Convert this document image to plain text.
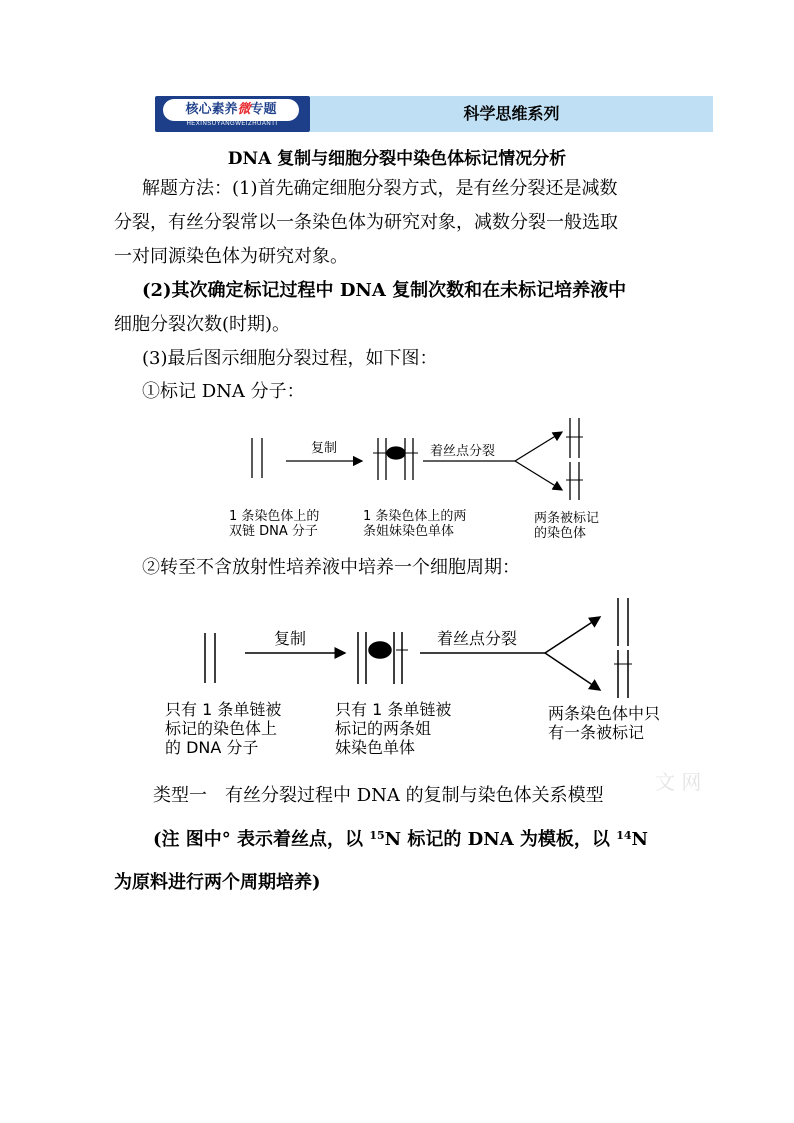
核心素养微专题
HEXINSUYANGWEIZHUANTI
科学思维系列
DNA 复制与细胞分裂中染色体标记情况分析
解题方法：(1)首先确定细胞分裂方式，是有丝分裂还是减数
分裂，有丝分裂常以一条染色体为研究对象，减数分裂一般选取
一对同源染色体为研究对象。
(2)其次确定标记过程中 DNA 复制次数和在未标记培养液中
细胞分裂次数(时期)。
(3)最后图示细胞分裂过程，如下图：
①标记 DNA 分子：
复制	着丝点分裂
1 条染色体上的
双链 DNA 分子
1 条染色体上的两
条姐妹染色单体
两条被标记
的染色体
②转至不含放射性培养液中培养一个细胞周期：
复制	着丝点分裂
只有 1 条单链被
标记的染色体上
的 DNA 分子
只有 1 条单链被
标记的两条姐
妹染色单体
两条染色体中只
有一条被标记
文 网
类型一　有丝分裂过程中 DNA 的复制与染色体关系模型
(注 图中° 表示着丝点，以 $^{15}$N 标记的 DNA 为模板，以 $^{14}$N
为原料进行两个周期培养)
